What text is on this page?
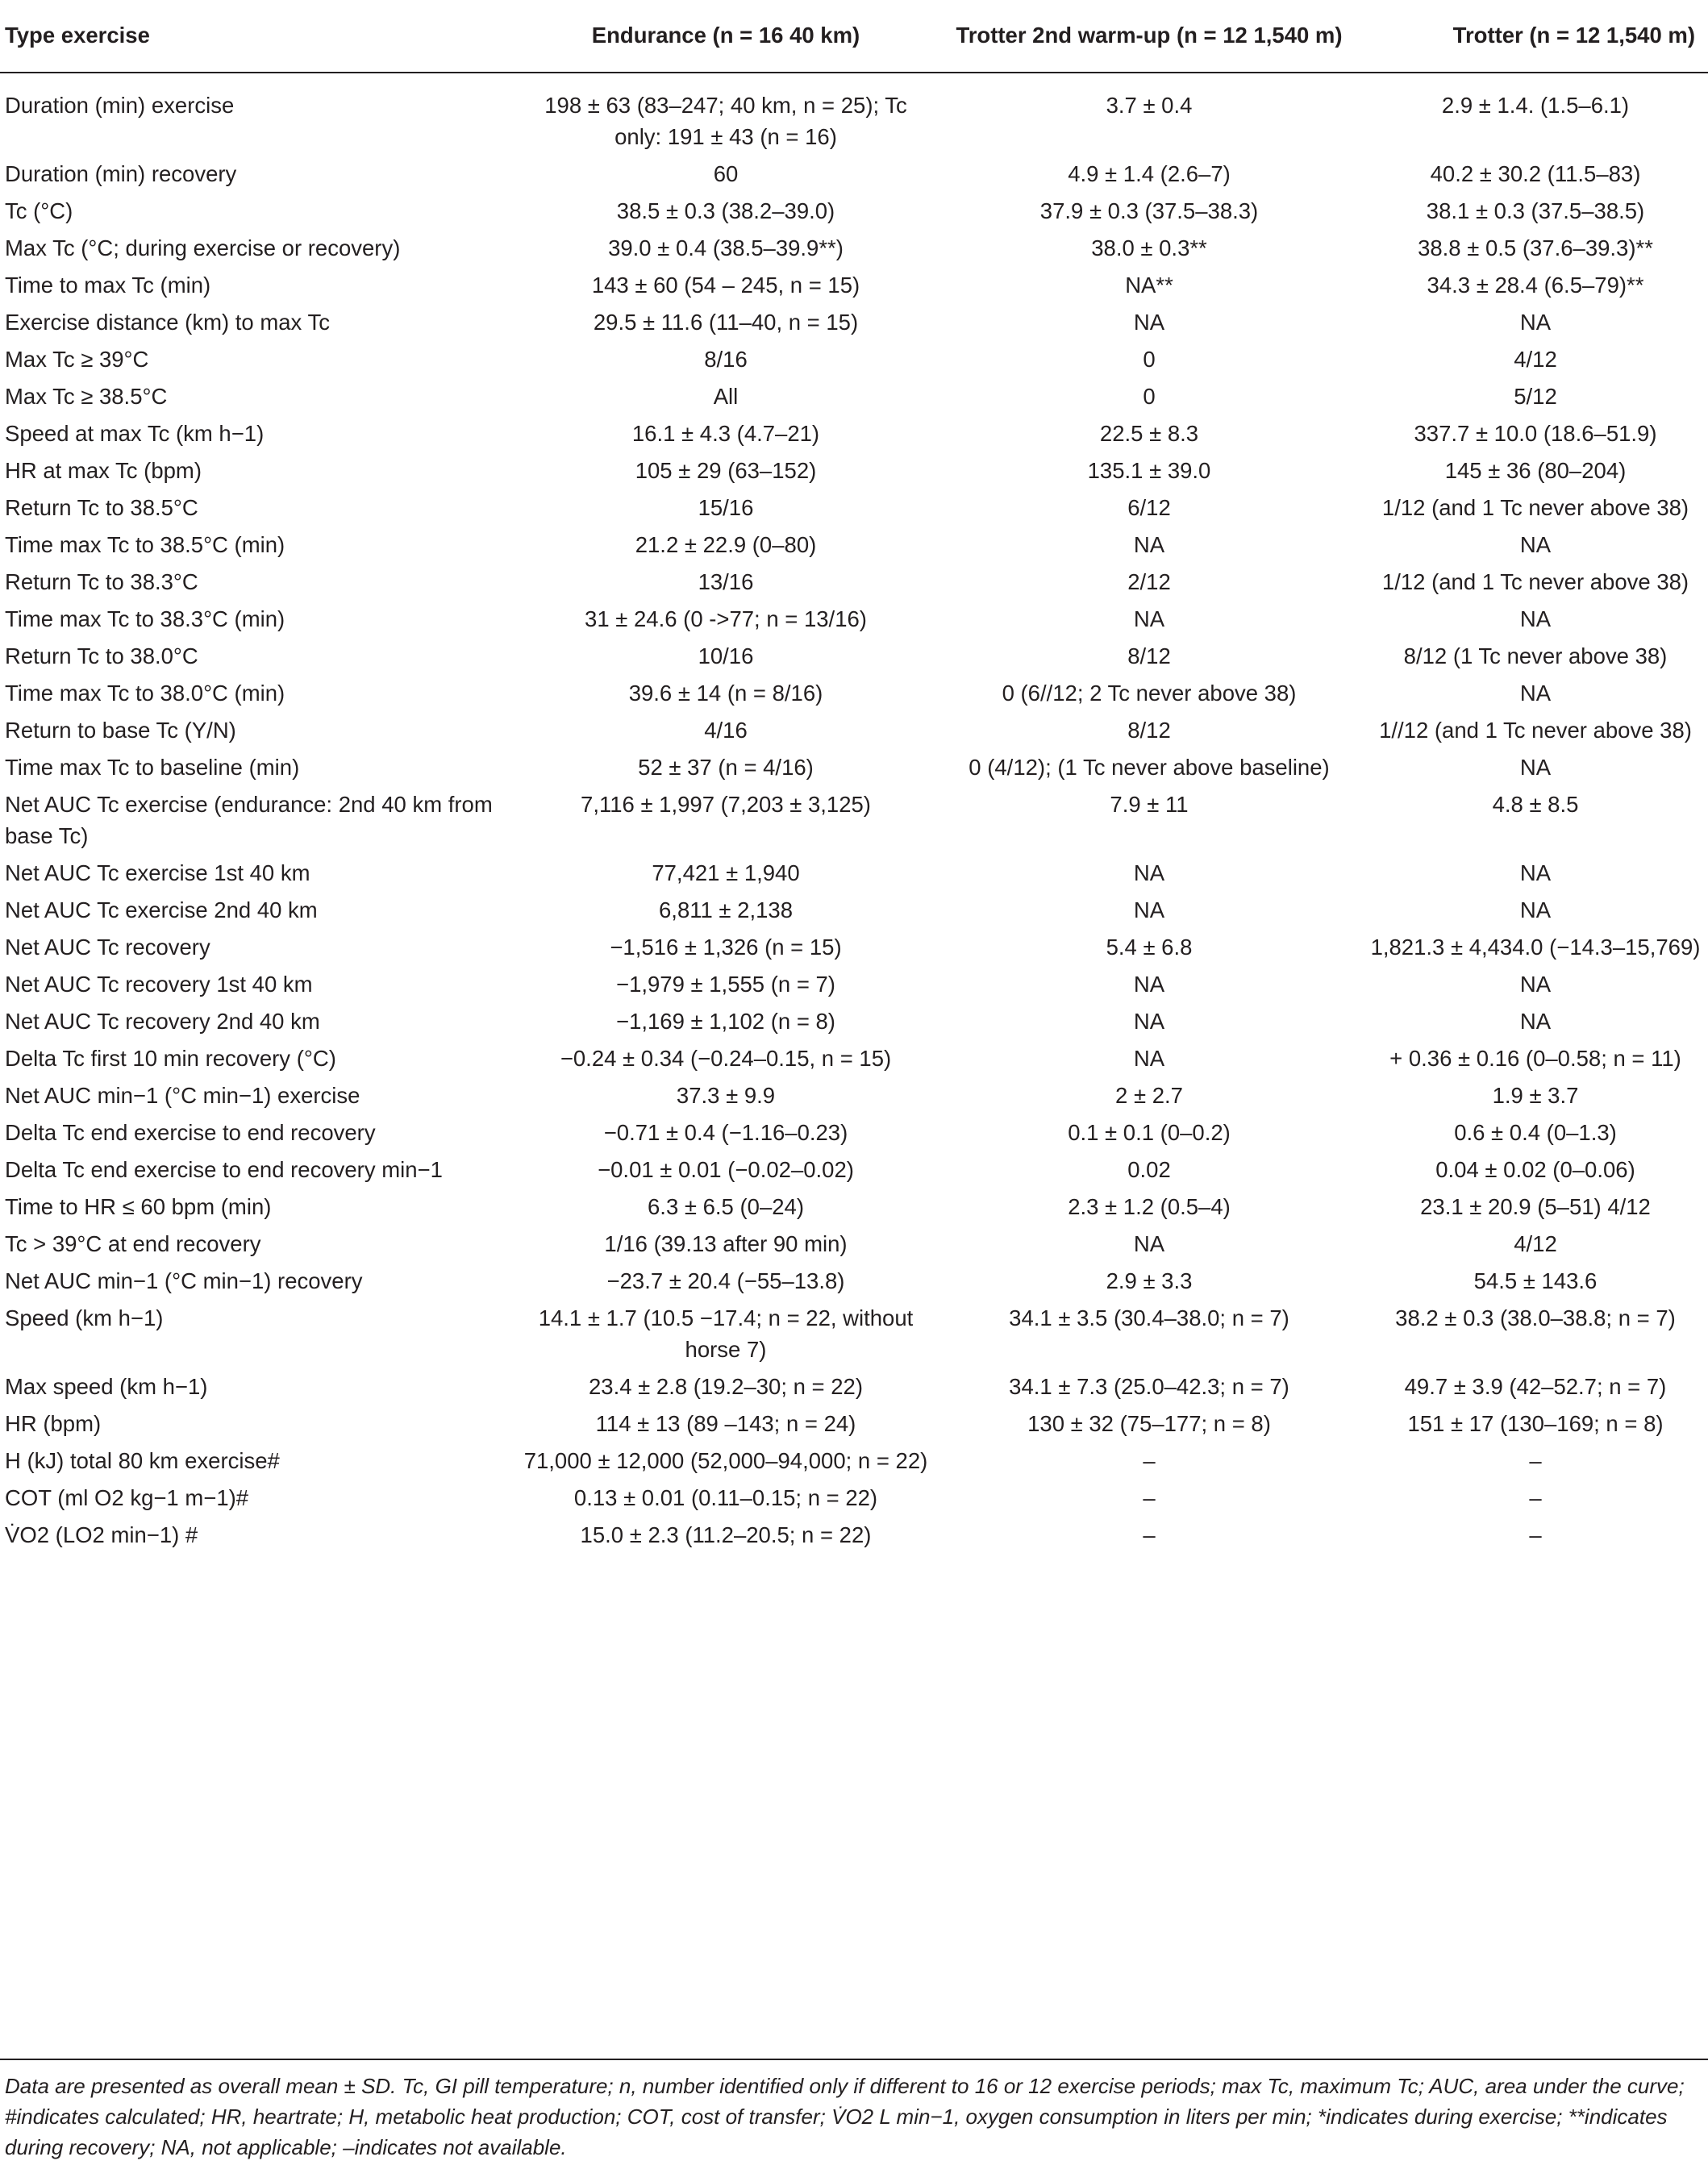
Type exercise	Endurance (n = 16 40 km)	Trotter 2nd warm-up (n = 12 1,540 m)	Trotter (n = 12 1,540 m)
Duration (min) exercise	198 ± 63 (83–247; 40 km, n = 25); Tc only: 191 ± 43 (n = 16)	3.7 ± 0.4	2.9 ± 1.4. (1.5–6.1)
Duration (min) recovery	60	4.9 ± 1.4 (2.6–7)	40.2 ± 30.2 (11.5–83)
Tc (°C)	38.5 ± 0.3 (38.2–39.0)	37.9 ± 0.3 (37.5–38.3)	38.1 ± 0.3 (37.5–38.5)
Max Tc (°C; during exercise or recovery)	39.0 ± 0.4 (38.5–39.9**)	38.0 ± 0.3**	38.8 ± 0.5 (37.6–39.3)**
Time to max Tc (min)	143 ± 60 (54 – 245, n = 15)	NA**	34.3 ± 28.4 (6.5–79)**
Exercise distance (km) to max Tc	29.5 ± 11.6 (11–40, n = 15)	NA	NA
Max Tc ≥ 39°C	8/16	0	4/12
Max Tc ≥ 38.5°C	All	0	5/12
Speed at max Tc (km h−1)	16.1 ± 4.3 (4.7–21)	22.5 ± 8.3	337.7 ± 10.0 (18.6–51.9)
HR at max Tc (bpm)	105 ± 29 (63–152)	135.1 ± 39.0	145 ± 36 (80–204)
Return Tc to 38.5°C	15/16	6/12	1/12 (and 1 Tc never above 38)
Time max Tc to 38.5°C (min)	21.2 ± 22.9 (0–80)	NA	NA
Return Tc to 38.3°C	13/16	2/12	1/12 (and 1 Tc never above 38)
Time max Tc to 38.3°C (min)	31 ± 24.6 (0 ->77; n = 13/16)	NA	NA
Return Tc to 38.0°C	10/16	8/12	8/12 (1 Tc never above 38)
Time max Tc to 38.0°C (min)	39.6 ± 14 (n = 8/16)	0 (6//12; 2 Tc never above 38)	NA
Return to base Tc (Y/N)	4/16	8/12	1//12 (and 1 Tc never above 38)
Time max Tc to baseline (min)	52 ± 37 (n = 4/16)	0 (4/12); (1 Tc never above baseline)	NA
Net AUC Tc exercise (endurance: 2nd 40 km from base Tc)	7,116 ± 1,997 (7,203 ± 3,125)	7.9 ± 11	4.8 ± 8.5
Net AUC Tc exercise 1st 40 km	77,421 ± 1,940	NA	NA
Net AUC Tc exercise 2nd 40 km	6,811 ± 2,138	NA	NA
Net AUC Tc recovery	−1,516 ± 1,326 (n = 15)	5.4 ± 6.8	1,821.3 ± 4,434.0 (−14.3–15,769)
Net AUC Tc recovery 1st 40 km	−1,979 ± 1,555 (n = 7)	NA	NA
Net AUC Tc recovery 2nd 40 km	−1,169 ± 1,102 (n = 8)	NA	NA
Delta Tc first 10 min recovery (°C)	−0.24 ± 0.34 (−0.24–0.15, n = 15)	NA	+ 0.36 ± 0.16 (0–0.58; n = 11)
Net AUC min−1 (°C min−1) exercise	37.3 ± 9.9	2 ± 2.7	1.9 ± 3.7
Delta Tc end exercise to end recovery	−0.71 ± 0.4 (−1.16–0.23)	0.1 ± 0.1 (0–0.2)	0.6 ± 0.4 (0–1.3)
Delta Tc end exercise to end recovery min−1	−0.01 ± 0.01 (−0.02–0.02)	0.02	0.04 ± 0.02 (0–0.06)
Time to HR ≤ 60 bpm (min)	6.3 ± 6.5 (0–24)	2.3 ± 1.2 (0.5–4)	23.1 ± 20.9 (5–51) 4/12
Tc > 39°C at end recovery	1/16 (39.13 after 90 min)	NA	4/12
Net AUC min−1 (°C min−1) recovery	−23.7 ± 20.4 (−55–13.8)	2.9 ± 3.3	54.5 ± 143.6
Speed (km h−1)	14.1 ± 1.7 (10.5 −17.4; n = 22, without horse 7)	34.1 ± 3.5 (30.4–38.0; n = 7)	38.2 ± 0.3 (38.0–38.8; n = 7)
Max speed (km h−1)	23.4 ± 2.8 (19.2–30; n = 22)	34.1 ± 7.3 (25.0–42.3; n = 7)	49.7 ± 3.9 (42–52.7; n = 7)
HR (bpm)	114 ± 13 (89 –143; n = 24)	130 ± 32 (75–177; n = 8)	151 ± 17 (130–169; n = 8)
H (kJ) total 80 km exercise#	71,000 ± 12,000 (52,000–94,000; n = 22)	–	–
COT (ml O2 kg−1 m−1)#	0.13 ± 0.01 (0.11–0.15; n = 22)	–	–
V̇O2 (LO2 min−1) #	15.0 ± 2.3 (11.2–20.5; n = 22)	–	–
Data are presented as overall mean ± SD. Tc, GI pill temperature; n, number identified only if different to 16 or 12 exercise periods; max Tc, maximum Tc; AUC, area under the curve; #indicates calculated; HR, heartrate; H, metabolic heat production; COT, cost of transfer; V̇O2 L min−1, oxygen consumption in liters per min; *indicates during exercise; **indicates during recovery; NA, not applicable; –indicates not available.
